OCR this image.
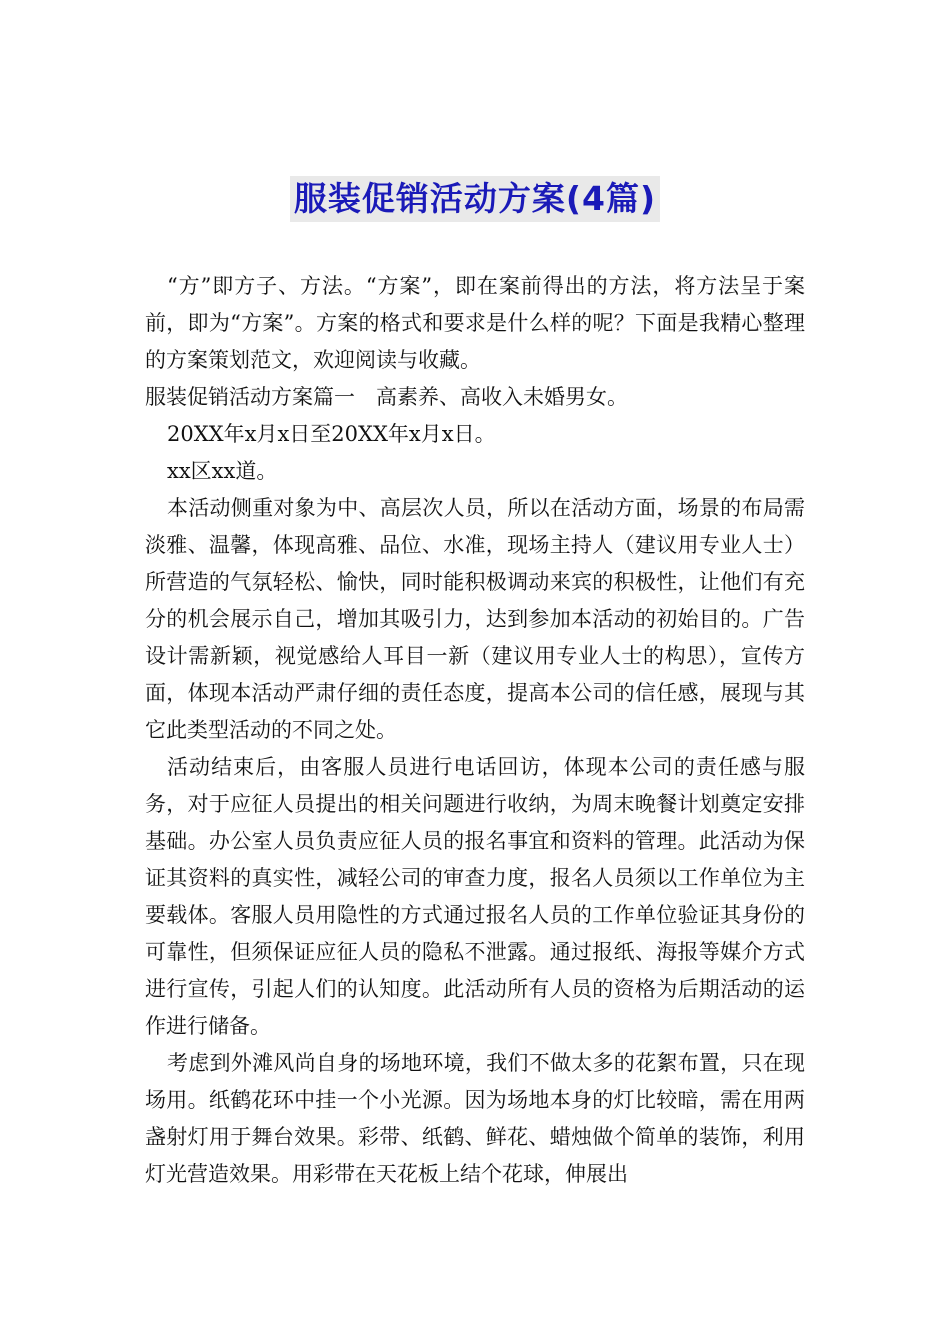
服装促销活动方案(4篇)

“方”即方子、方法。“方案”，即在案前得出的方法，将方法呈于案前，即为“方案”。方案的格式和要求是什么样的呢？下面是我精心整理的方案策划范文，欢迎阅读与收藏。

服装促销活动方案篇一　高素养、高收入未婚男女。

20XX年x月x日至20XX年x月x日。

xx区xx道。

本活动侧重对象为中、高层次人员，所以在活动方面，场景的布局需淡雅、温馨，体现高雅、品位、水准，现场主持人（建议用专业人士）所营造的气氛轻松、愉快，同时能积极调动来宾的积极性，让他们有充分的机会展示自己，增加其吸引力，达到参加本活动的初始目的。广告设计需新颖，视觉感给人耳目一新（建议用专业人士的构思），宣传方面，体现本活动严肃仔细的责任态度，提高本公司的信任感，展现与其它此类型活动的不同之处。

活动结束后，由客服人员进行电话回访，体现本公司的责任感与服务，对于应征人员提出的相关问题进行收纳，为周末晚餐计划奠定安排基础。办公室人员负责应征人员的报名事宜和资料的管理。此活动为保证其资料的真实性，减轻公司的审查力度，报名人员须以工作单位为主要载体。客服人员用隐性的方式通过报名人员的工作单位验证其身份的可靠性，但须保证应征人员的隐私不泄露。通过报纸、海报等媒介方式进行宣传，引起人们的认知度。此活动所有人员的资格为后期活动的运作进行储备。

考虑到外滩风尚自身的场地环境，我们不做太多的花絮布置，只在现场用。纸鹤花环中挂一个小光源。因为场地本身的灯比较暗，需在用两盏射灯用于舞台效果。彩带、纸鹤、鲜花、蜡烛做个简单的装饰，利用灯光营造效果。用彩带在天花板上结个花球，伸展出
